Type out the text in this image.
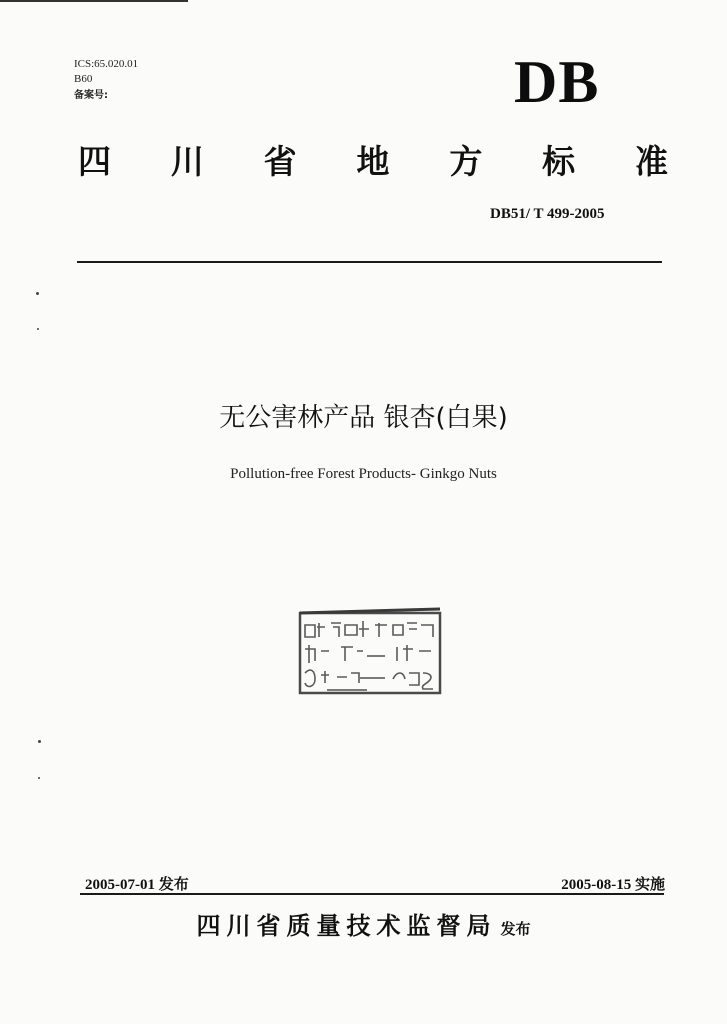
ICS:65.020.01
B60
备案号:	DB
四 川 省 地 方 标 准
DB51/ T 499-2005
无公害林产品 银杏(白果)
Pollution-free Forest Products- Ginkgo Nuts
2005-07-01 发布	2005-08-15 实施
四川省质量技术监督局 发布
